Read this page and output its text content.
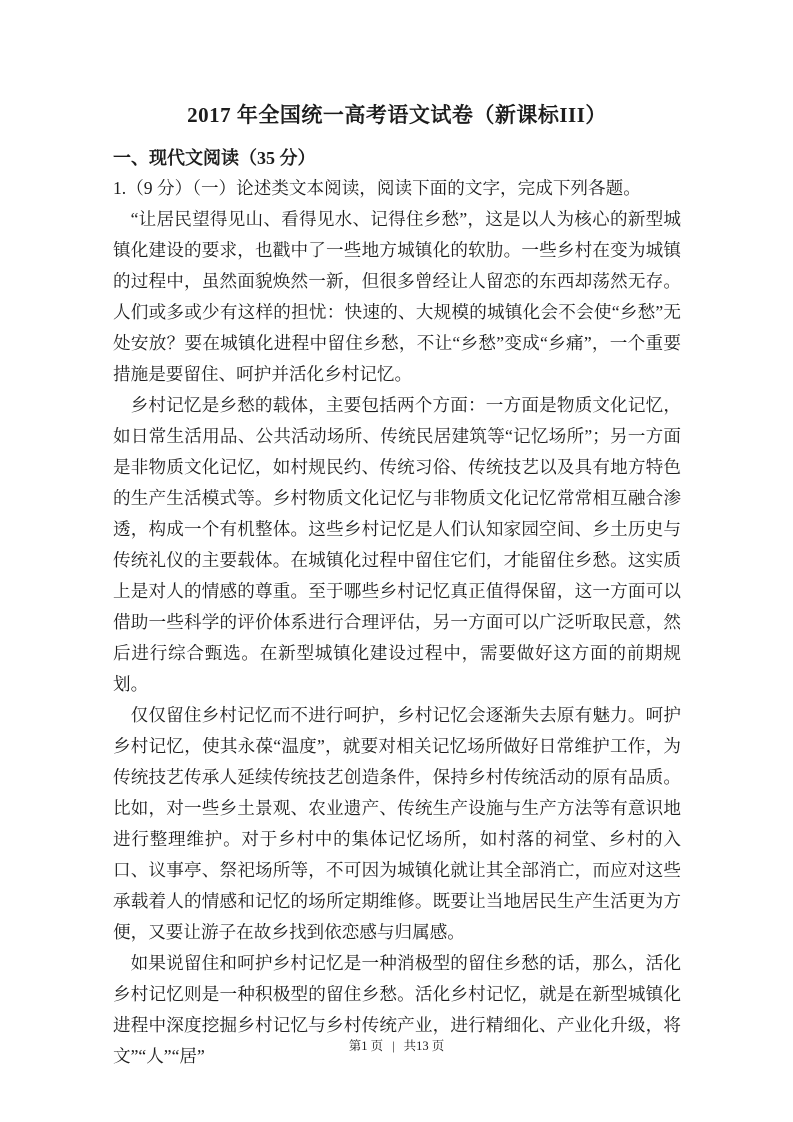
2017 年全国统一高考语文试卷（新课标III）
一、现代文阅读（35 分）

1.（9 分）（一）论述类文本阅读，阅读下面的文字，完成下列各题。

“让居民望得见山、看得见水、记得住乡愁”，这是以人为核心的新型城镇化建设的要求，也戳中了一些地方城镇化的软肋。一些乡村在变为城镇的过程中，虽然面貌焕然一新，但很多曾经让人留恋的东西却荡然无存。人们或多或少有这样的担忧：快速的、大规模的城镇化会不会使“乡愁”无处安放？要在城镇化进程中留住乡愁，不让“乡愁”变成“乡痛”，一个重要措施是要留住、呵护并活化乡村记忆。

乡村记忆是乡愁的载体，主要包括两个方面：一方面是物质文化记忆，如日常生活用品、公共活动场所、传统民居建筑等“记忆场所”；另一方面是非物质文化记忆，如村规民约、传统习俗、传统技艺以及具有地方特色的生产生活模式等。乡村物质文化记忆与非物质文化记忆常常相互融合渗透，构成一个有机整体。这些乡村记忆是人们认知家园空间、乡土历史与传统礼仪的主要载体。在城镇化过程中留住它们，才能留住乡愁。这实质上是对人的情感的尊重。至于哪些乡村记忆真正值得保留，这一方面可以借助一些科学的评价体系进行合理评估，另一方面可以广泛听取民意，然后进行综合甄选。在新型城镇化建设过程中，需要做好这方面的前期规划。

仅仅留住乡村记忆而不进行呵护，乡村记忆会逐渐失去原有魅力。呵护乡村记忆，使其永葆“温度”，就要对相关记忆场所做好日常维护工作，为传统技艺传承人延续传统技艺创造条件，保持乡村传统活动的原有品质。比如，对一些乡土景观、农业遗产、传统生产设施与生产方法等有意识地进行整理维护。对于乡村中的集体记忆场所，如村落的祠堂、乡村的入口、议事亭、祭祀场所等，不可因为城镇化就让其全部消亡，而应对这些承载着人的情感和记忆的场所定期维修。既要让当地居民生产生活更为方便，又要让游子在故乡找到依恋感与归属感。

如果说留住和呵护乡村记忆是一种消极型的留住乡愁的话，那么，活化乡村记忆则是一种积极型的留住乡愁。活化乡村记忆，就是在新型城镇化进程中深度挖掘乡村记忆与乡村传统产业，进行精细化、产业化升级，将文”“人”“居”	第1 页 | 共13 页
